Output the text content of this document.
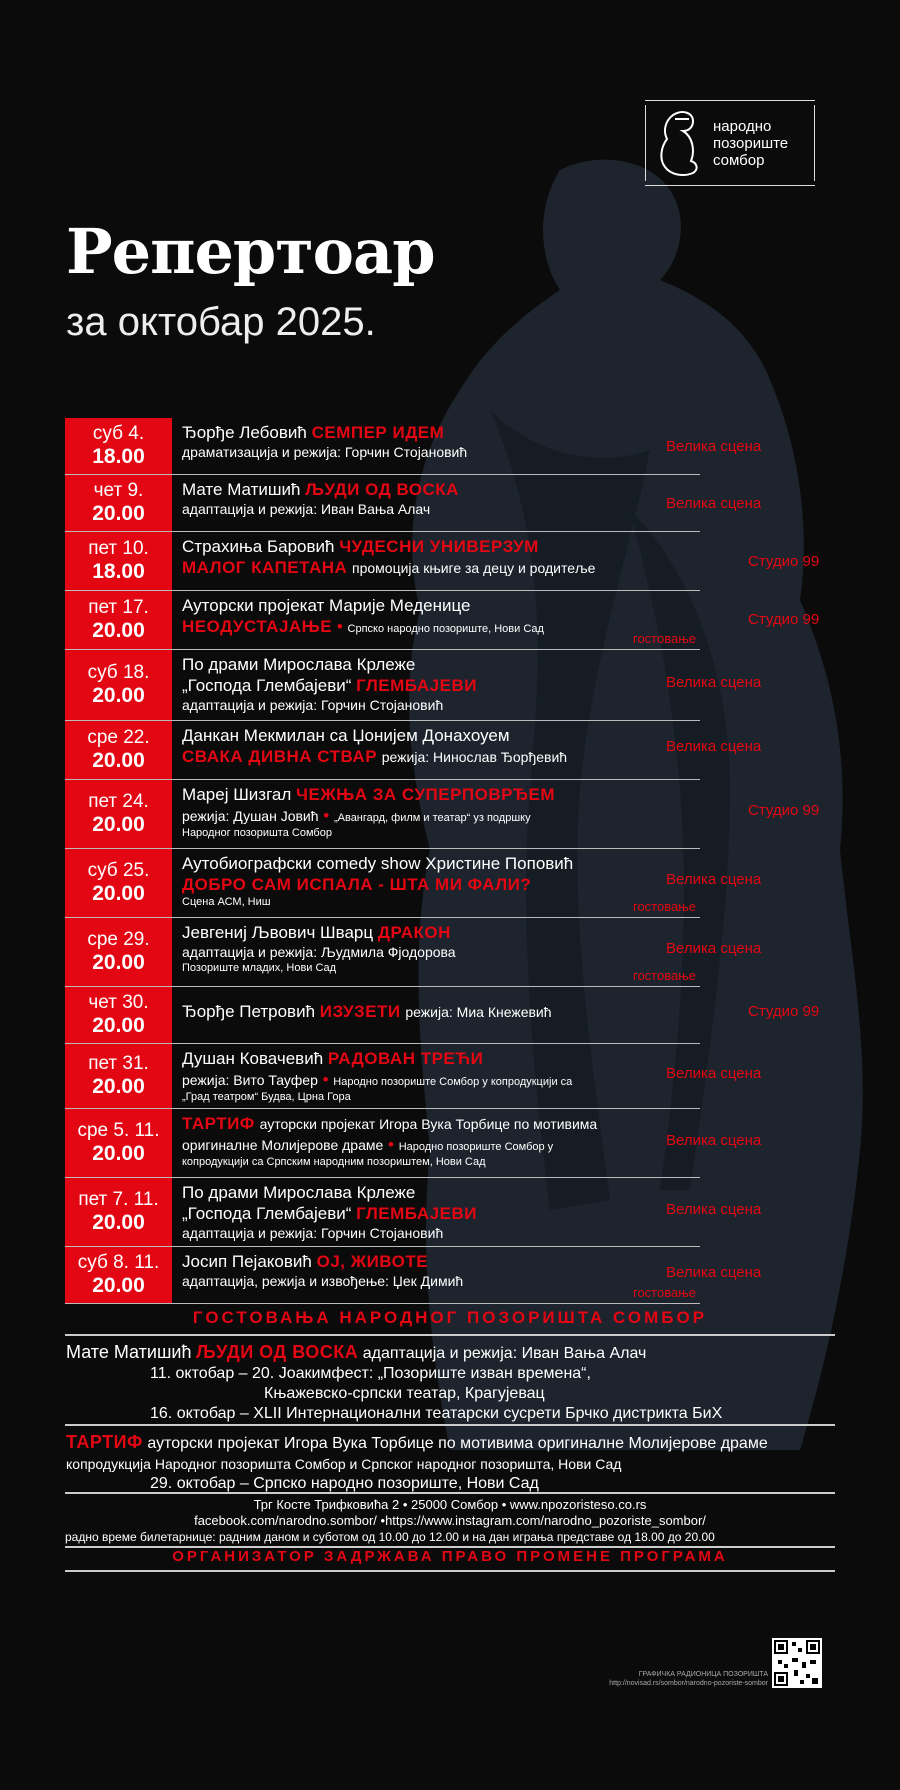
народно
позориште
сомбор
Репертоар
за октобар 2025.
суб 4.
18.00
Ђорђе Лебовић СЕМПЕР ИДЕМ
драматизација и режија: Горчин Стојановић
чет 9.
20.00
Мате Матишић ЉУДИ ОД ВОСКА
адаптација и режија: Иван Вања Алач
пет 10.
18.00
Страхиња Баровић ЧУДЕСНИ УНИВЕРЗУМ
МАЛОГ КАПЕТАНА промоција књиге за децу и родитеље
пет 17.
20.00
Ауторски пројекат Марије Меденице
НЕОДУСТАЈАЊЕ • Српско народно позориште, Нови Сад
гостовање
суб 18.
20.00
По драми Мирослава Крлеже
„Господа Глембајеви“ ГЛЕМБАЈЕВИ
адаптација и режија: Горчин Стојановић
сре 22.
20.00
Данкан Мекмилан са Џонијем Донахоуем
СВАКА ДИВНА СТВАР режија: Нинослав Ђорђевић
пет 24.
20.00
Мареј Шизгал ЧЕЖЊА ЗА СУПЕРПОВРЂЕМ
режија: Душан Јовић • „Авангард, филм и театар“ уз подршку
Народног позоришта Сомбор
суб 25.
20.00
Аутобиографски comedy show Христине Поповић
ДОБРО САМ ИСПАЛА - ШТА МИ ФАЛИ?
Сцена АСМ, Ниш	гостовање
сре 29.
20.00
Јевгениј Љвович Шварц ДРАКОН
адаптација и режија: Људмила Фјодорова
Позориште младих, Нови Сад	гостовање
чет 30.
20.00
Ђорђе Петровић ИЗУЗЕТИ режија: Миа Кнежевић
пет 31.
20.00
Душан Ковачевић РАДОВАН ТРЕЋИ
режија: Вито Тауфер • Народно позориште Сомбор у копродукцији са
„Град театром“ Будва, Црна Гора
сре 5. 11.
20.00
ТАРТИФ ауторски пројекат Игора Вука Торбице по мотивима
оригиналне Молијерове драме • Народно позориште Сомбор у
копродукцији са Српским народним позориштем, Нови Сад
пет 7. 11.
20.00
По драми Мирослава Крлеже
„Господа Глембајеви“ ГЛЕМБАЈЕВИ
адаптација и режија: Горчин Стојановић
суб 8. 11.
20.00
Јосип Пејаковић ОЈ, ЖИВОТЕ
адаптација, режија и извођење: Џек Димић
гостовање
Велика сцена
Велика сцена
Студио 99
Студио 99
Велика сцена
Велика сцена
Студио 99
Велика сцена
Велика сцена
Студио 99
Велика сцена
Велика сцена
Велика сцена
Велика сцена
ГОСТОВАЊА НАРОДНОГ ПОЗОРИШТА СОМБОР
Мате Матишић ЉУДИ ОД ВОСКА адаптација и режија: Иван Вања Алач
11. октобар – 20. Јоакимфест: „Позориште изван времена“,
Књажевско-српски театар, Крагујевац
16. октобар – XLII Интернационални театарски сусрети Брчко дистрикта БиХ
ТАРТИФ ауторски пројекат Игора Вука Торбице по мотивима оригиналне Молијерове драме
копродукција Народног позоришта Сомбор и Српског народног позоришта, Нови Сад
29. октобар – Српско народно позориште, Нови Сад
Трг Косте Трифковића 2 • 25000 Сомбор • www.npozoristeso.co.rs
facebook.com/narodno.sombor/ •https://www.instagram.com/narodno_pozoriste_sombor/
радно време билетарнице: радним даном и суботом од 10.00 до 12.00 и на дан играња представе од 18.00 до 20.00
ОРГАНИЗАТОР ЗАДРЖАВА ПРАВО ПРОМЕНЕ ПРОГРАМА
ГРАФИЧКА РАДИОНИЦА ПОЗОРИШТА
http://novisad.rs/sombor/narodno-pozoriste-sombor
